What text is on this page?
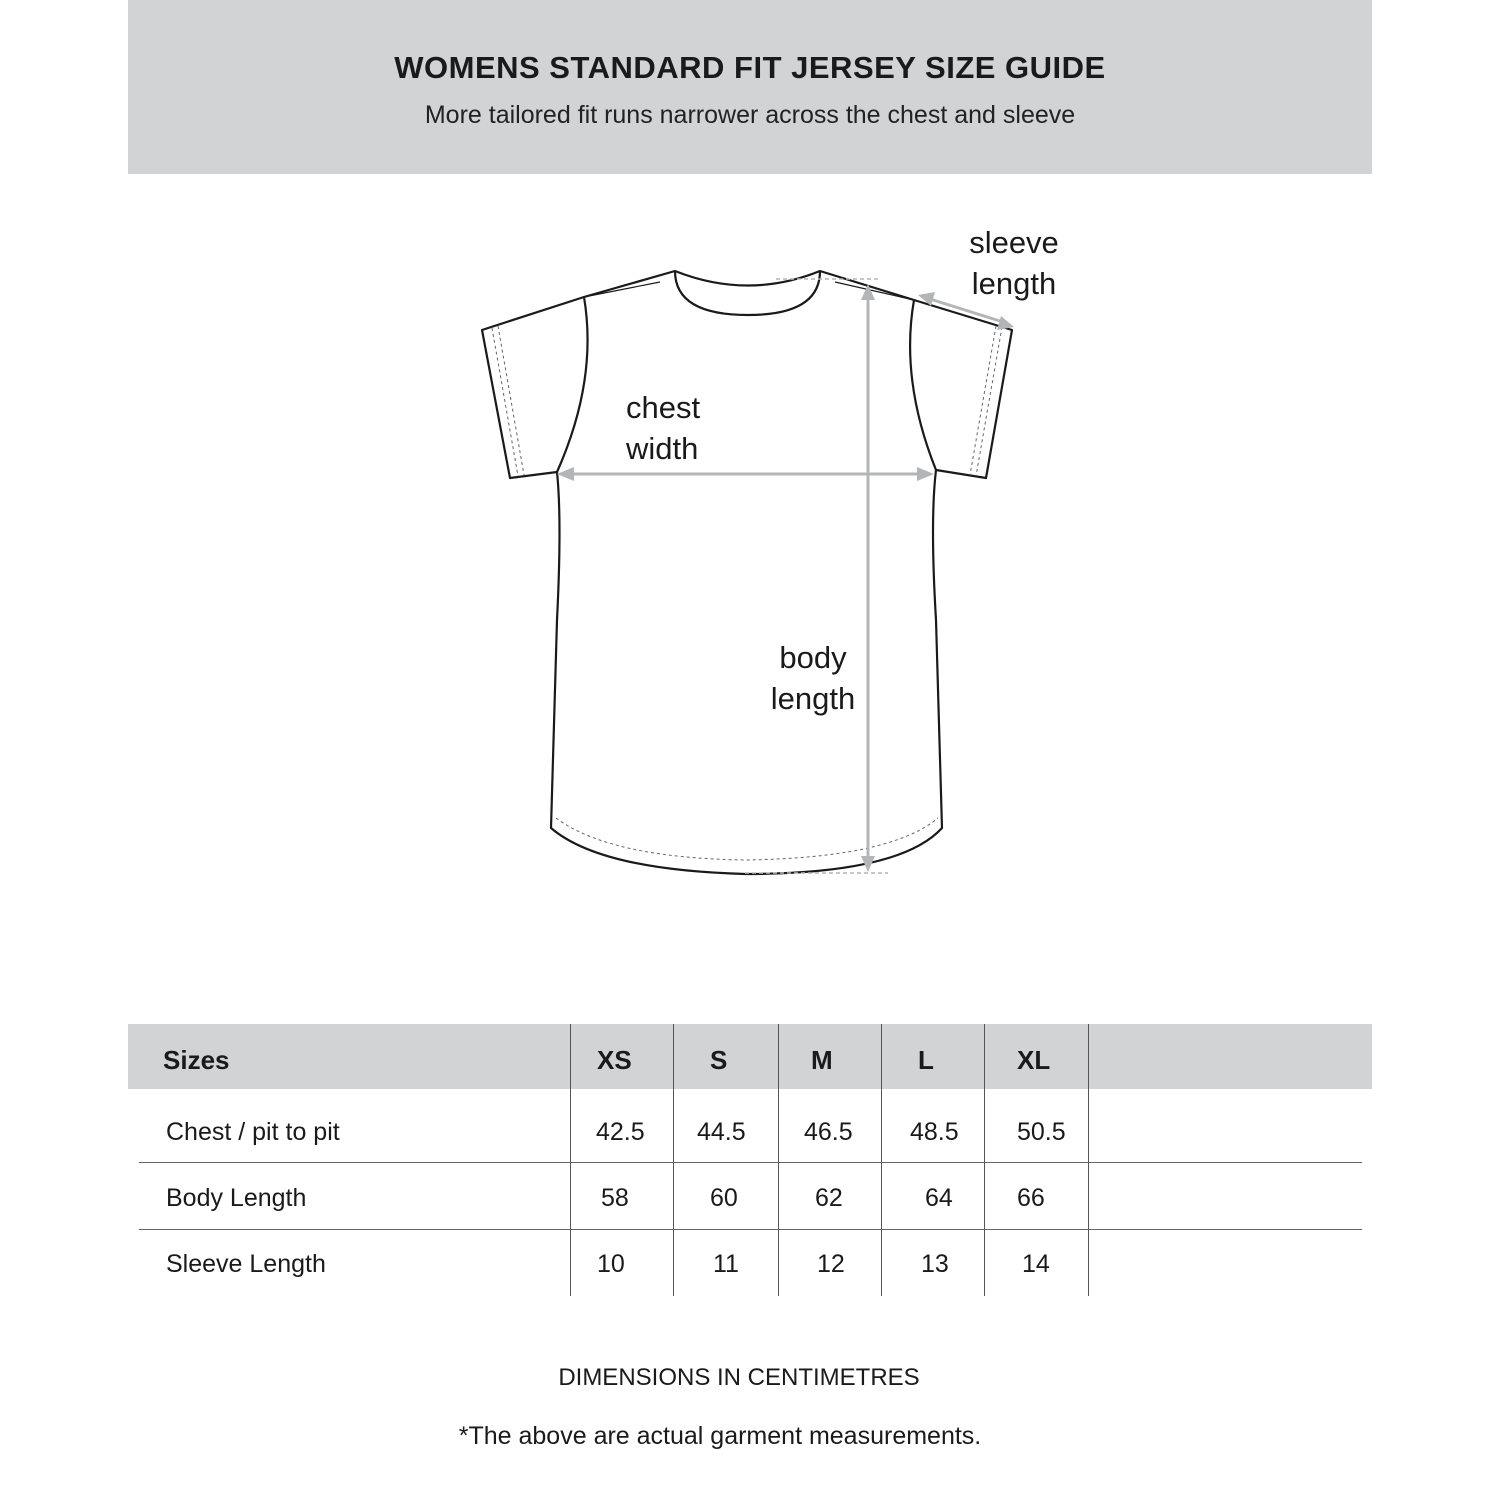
WOMENS STANDARD FIT JERSEY SIZE GUIDE
More tailored fit runs narrower across the chest and sleeve
sleeve
length
chest
width
body
length
Sizes	XS	S	M	L	XL
Chest / pit to pit	42.5 44.5 46.5 48.5 50.5
Body Length	58	60	62	64	66
Sleeve Length	10	11	12	13	14
DIMENSIONS IN CENTIMETRES
*The above are actual garment measurements.
